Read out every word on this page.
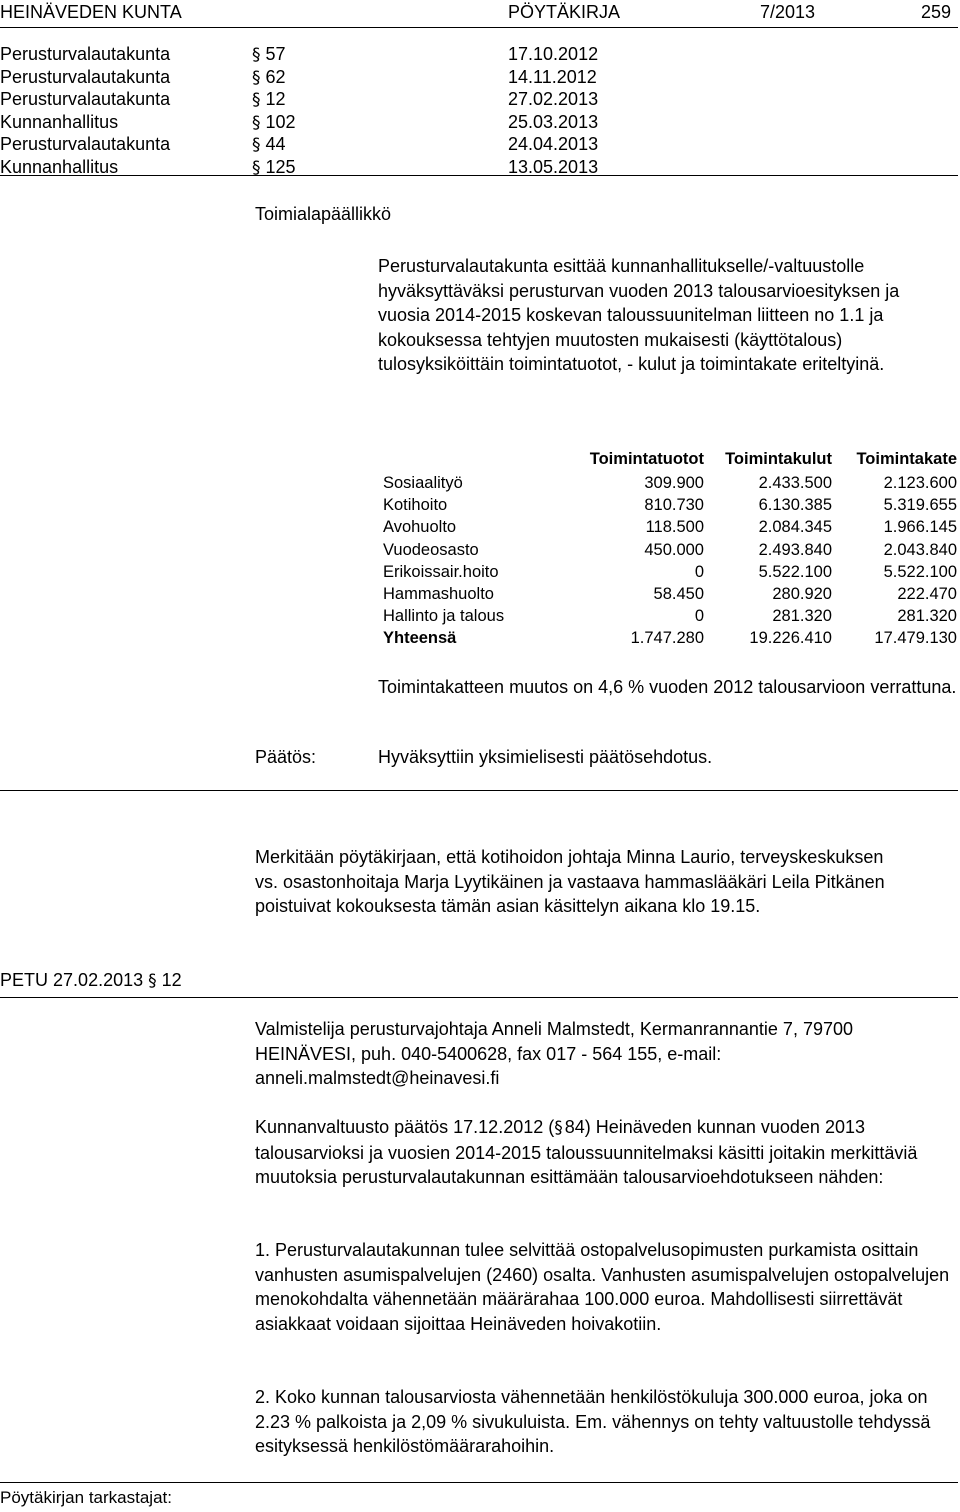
HEINÄVEDEN KUNTA	PÖYTÄKIRJA	7/2013	259
Perusturvalautakunta	§ 57	17.10.2012
Perusturvalautakunta	§ 62	14.11.2012
Perusturvalautakunta	§ 12	27.02.2013
Kunnanhallitus	§ 102	25.03.2013
Perusturvalautakunta	§ 44	24.04.2013
Kunnanhallitus	§ 125	13.05.2013
Toimialapäällikkö
Perusturvalautakunta esittää kunnanhallitukselle/-valtuustolle hyväksyttäväksi perusturvan vuoden 2013 talousarvioesityksen ja vuosia 2014-2015 koskevan taloussuunitelman liitteen no 1.1 ja kokouksessa tehtyjen muutosten mukaisesti (käyttötalous) tulosyksiköittäin toimintatuotot, - kulut ja toimintakate eriteltyinä.
	Toimintatuotot	Toimintakulut	Toimintakate
Sosiaalityö	309.900	2.433.500	2.123.600
Kotihoito	810.730	6.130.385	5.319.655
Avohuolto	118.500	2.084.345	1.966.145
Vuodeosasto	450.000	2.493.840	2.043.840
Erikoissair.hoito	0	5.522.100	5.522.100
Hammashuolto	58.450	280.920	222.470
Hallinto ja talous	0	281.320	281.320
Yhteensä	1.747.280	19.226.410	17.479.130
Toimintakatteen muutos on 4,6 % vuoden 2012 talousarvioon verrattuna.
Päätös:	Hyväksyttiin yksimielisesti päätösehdotus.
Merkitään pöytäkirjaan, että kotihoidon johtaja Minna Laurio, terveyskeskuksen vs. osastonhoitaja Marja Lyytikäinen ja vastaava hammaslääkäri Leila Pitkänen poistuivat kokouksesta tämän asian käsittelyn aikana klo 19.15.
PETU 27.02.2013 § 12
Valmistelija perusturvajohtaja Anneli Malmstedt, Kermanrannantie 7, 79700 HEINÄVESI, puh. 040-5400628, fax 017 - 564 155, e-mail: anneli.malmstedt@heinavesi.fi
Kunnanvaltuusto päätös 17.12.2012 (§ 84) Heinäveden kunnan vuoden 2013 talousarvioksi ja vuosien 2014-2015 taloussuunnitelmaksi käsitti joitakin merkittäviä muutoksia perusturvalautakunnan esittämään talousarvioehdotukseen nähden:
1. Perusturvalautakunnan tulee selvittää ostopalvelusopimusten purkamista osittain vanhusten asumispalvelujen (2460) osalta. Vanhusten asumispalvelujen ostopalvelujen menokohdalta vähennetään määrärahaa 100.000 euroa. Mahdollisesti siirrettävät asiakkaat voidaan sijoittaa Heinäveden hoivakotiin.
2. Koko kunnan talousarviosta vähennetään henkilöstökuluja 300.000 euroa, joka on 2.23 % palkoista ja 2,09 % sivukuluista. Em. vähennys on tehty valtuustolle tehdyssä esityksessä henkilöstömäärarahoihin.
Pöytäkirjan tarkastajat:
